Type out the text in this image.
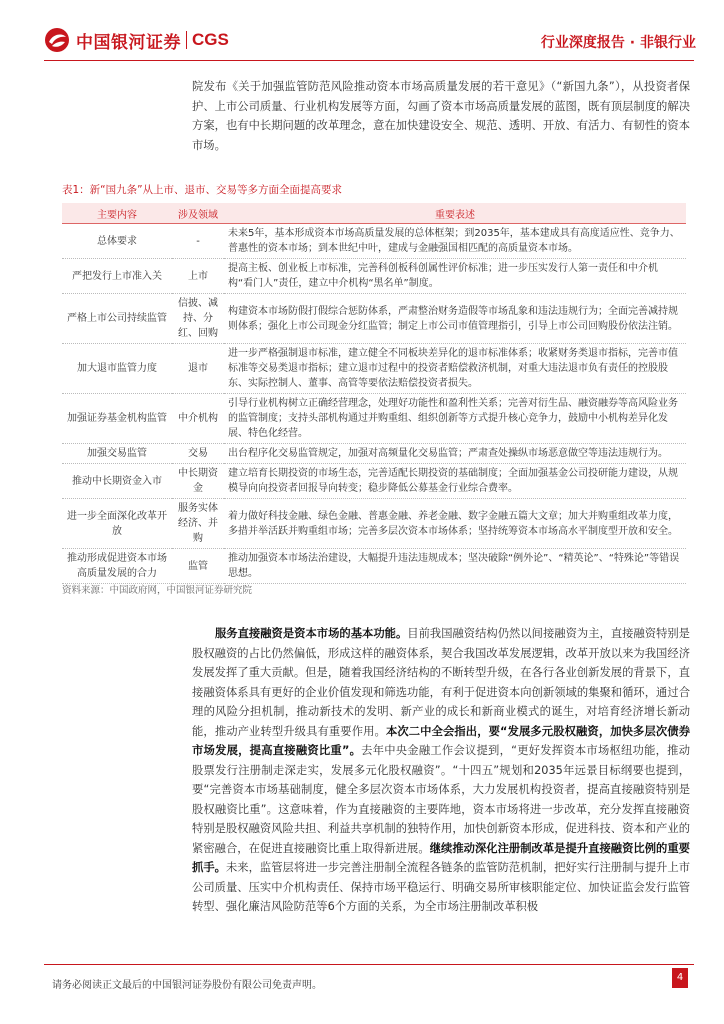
中国银河证券 CGS	行业深度报告 · 非银行业
院发布《关于加强监管防范风险推动资本市场高质量发展的若干意见》（“新国九条”），从投资者保护、上市公司质量、行业机构发展等方面，勾画了资本市场高质量发展的蓝图，既有顶层制度的解决方案，也有中长期问题的改革理念，意在加快建设安全、规范、透明、开放、有活力、有韧性的资本市场。
表1：新“国九条”从上市、退市、交易等多方面全面提高要求
主要内容	涉及领域	重要表述
总体要求	-	未来5年，基本形成资本市场高质量发展的总体框架；到2035年，基本建成具有高度适应性、竞争力、普惠性的资本市场；到本世纪中叶，建成与金融强国相匹配的高质量资本市场。
严把发行上市准入关	上市	提高主板、创业板上市标准，完善科创板科创属性评价标准；进一步压实发行人第一责任和中介机构“看门人”责任，建立中介机构“黑名单”制度。
严格上市公司持续监管	信披、减持、分红、回购	构建资本市场防假打假综合惩防体系，严肃整治财务造假等市场乱象和违法违规行为；全面完善减持规则体系；强化上市公司现金分红监管；制定上市公司市值管理指引，引导上市公司回购股份依法注销。
加大退市监管力度	退市	进一步严格强制退市标准，建立健全不同板块差异化的退市标准体系；收紧财务类退市指标，完善市值标准等交易类退市指标；建立退市过程中的投资者赔偿救济机制，对重大违法退市负有责任的控股股东、实际控制人、董事、高管等要依法赔偿投资者损失。
加强证券基金机构监管	中介机构	引导行业机构树立正确经营理念，处理好功能性和盈利性关系；完善对衍生品、融资融券等高风险业务的监管制度；支持头部机构通过并购重组、组织创新等方式提升核心竞争力，鼓励中小机构差异化发展、特色化经营。
加强交易监管	交易	出台程序化交易监管规定，加强对高频量化交易监管；严肃查处操纵市场恶意做空等违法违规行为。
推动中长期资金入市	中长期资金	建立培育长期投资的市场生态，完善适配长期投资的基础制度；全面加强基金公司投研能力建设，从规模导向向投资者回报导向转变；稳步降低公募基金行业综合费率。
进一步全面深化改革开放	服务实体经济、并购	着力做好科技金融、绿色金融、普惠金融、养老金融、数字金融五篇大文章；加大并购重组改革力度，多措并举活跃并购重组市场；完善多层次资本市场体系；坚持统筹资本市场高水平制度型开放和安全。
推动形成促进资本市场高质量发展的合力	监管	推动加强资本市场法治建设，大幅提升违法违规成本；坚决破除“例外论”、“精英论”、“特殊论”等错误思想。
资料来源：中国政府网，中国银河证券研究院
服务直接融资是资本市场的基本功能。目前我国融资结构仍然以间接融资为主，直接融资特别是股权融资的占比仍然偏低，形成这样的融资体系，契合我国改革发展逻辑，改革开放以来为我国经济发展发挥了重大贡献。但是，随着我国经济结构的不断转型升级，在各行各业创新发展的背景下，直接融资体系具有更好的企业价值发现和筛选功能，有利于促进资本向创新领域的集聚和循环，通过合理的风险分担机制，推动新技术的发明、新产业的成长和新商业模式的诞生，对培育经济增长新动能，推动产业转型升级具有重要作用。本次二中全会指出，要“发展多元股权融资，加快多层次债券市场发展，提高直接融资比重”。去年中央金融工作会议提到，“更好发挥资本市场枢纽功能，推动股票发行注册制走深走实，发展多元化股权融资”。“十四五”规划和2035年远景目标纲要也提到，要“完善资本市场基础制度，健全多层次资本市场体系，大力发展机构投资者，提高直接融资特别是股权融资比重”。这意味着，作为直接融资的主要阵地，资本市场将进一步改革，充分发挥直接融资特别是股权融资风险共担、利益共享机制的独特作用，加快创新资本形成，促进科技、资本和产业的紧密融合，在促进直接融资比重上取得新进展。继续推动深化注册制改革是提升直接融资比例的重要抓手。未来，监管层将进一步完善注册制全流程各链条的监管防范机制，把好实行注册制与提升上市公司质量、压实中介机构责任、保持市场平稳运行、明确交易所审核职能定位、加快证监会发行监管转型、强化廉洁风险防范等6个方面的关系，为全市场注册制改革积极
请务必阅读正文最后的中国银河证券股份有限公司免责声明。
4
